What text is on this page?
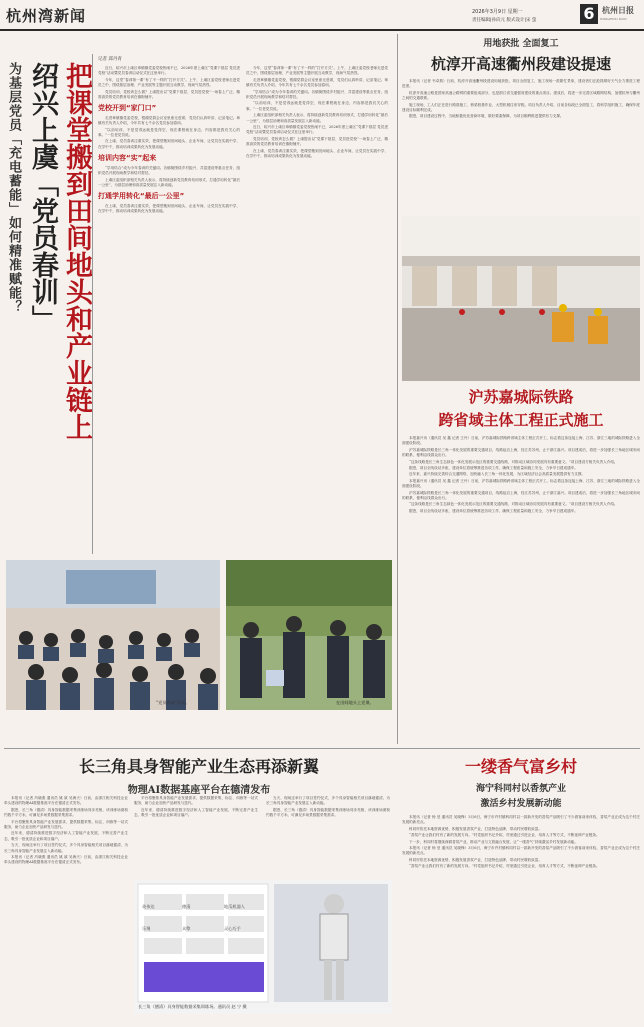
杭州湾新闻	2026年3月9日 星期一
责任编辑|孙向元 版式设计|宋 萤	6 杭州日报
HANGZHOU DAILY
为基层党员「充电蓄能」如何精准赋能？ 绍兴上虞「党员春训」 把课堂搬到田间地头和产业链上
记者 邱丹青

近日，绍兴市上虞区章镇镇党委党校热闹不已，2026年度上虞区“党课下基层 党员进党校”活动暨党员春训启动仪式在这里举行。

今年，这堂“春训第一课”有了不一样的“打开方式”。上午，上虞区委党校老师走进党员之中，围绕基层治理、产业发展等主题开展互动教学，现场气氛热烈。

党员培训，党校该怎么做？上虞提出以“党课下基层、党员进党校”一场春上广泛、精准高效的党员教育培训在镇街铺开。

党校开到“家门口”

走进章镇镇党委党校，银湖党群会议室里座无虚席，党员们认真听讲、记录笔记。章镇有关负责人介绍，今年共有七千余名党员参加春训。

“以前培训，不是觉得远就是觉得空，现在课程就在身边，内容都是我们关心的事。”一位老党员说。

在上虞，党员春训注重实效，把课堂搬到田间地头、企业车间，让党员在实践中学、在学中干，推动培训成果转化为发展动能。

培训内容“实”起来

“学用结合”成为今年春训的关键词。各镇街围绕乡村振兴、共富建设等重点任务，组织党员开展现场教学和结对帮扶。

上虞区委组织部相关负责人表示，将持续创新党员教育培训形式，打通学用转化“最后一公里”，为基层治理和高质量发展注入新动能。

打通学用转化“最后一公里”

在上虞，党员春训注重实效，把课堂搬到田间地头、企业车间，让党员在实践中学、在学中干，推动培训成果转化为发展动能。

今年，这堂“春训第一课”有了不一样的“打开方式”。上午，上虞区委党校老师走进党员之中，围绕基层治理、产业发展等主题开展互动教学，现场气氛热烈。

走进章镇镇党委党校，银湖党群会议室里座无虚席，党员们认真听讲、记录笔记。章镇有关负责人介绍，今年共有七千余名党员参加春训。

“学用结合”成为今年春训的关键词。各镇街围绕乡村振兴、共富建设等重点任务，组织党员开展现场教学和结对帮扶。

“以前培训，不是觉得远就是觉得空，现在课程就在身边，内容都是我们关心的事。”一位老党员说。

上虞区委组织部相关负责人表示，将持续创新党员教育培训形式，打通学用转化“最后一公里”，为基层治理和高质量发展注入新动能。

近日，绍兴市上虞区章镇镇党委党校热闹不已，2026年度上虞区“党课下基层 党员进党校”活动暨党员春训启动仪式在这里举行。

党员培训，党校该怎么做？上虞提出以“党课下基层、党员进党校”一场春上广泛、精准高效的党员教育培训在镇街铺开。

在上虞，党员春训注重实效，把课堂搬到田间地头、企业车间，让党员在实践中学、在学中干，推动培训成果转化为发展动能。

“党员春训”活动。	在田间地头上党课。
用地获批 全面复工
杭淳开高速衢州段建设提速

本报讯（记者 韦卓燕）日前，杭淳开高速衢州段建设用地获批，项目全面复工，施工现场一派繁忙景象，建设者们正抢抓晴好天气全力推进工程进度。

杭淳开高速公路是国家高速公路网的重要组成部分，也是浙江省交通强省建设的重点项目。建成后，将进一步完善区域路网结构，加强杭州与衢州之间的交通联系。

施工现场，工人们正在进行路基施工、桥梁桩基作业，大型机械往来穿梭。项目负责人介绍，目前各标段已全面复工，将科学组织施工，确保年度建设目标顺利完成。

据悉，项目建设过程中，当地积极优化营商环境，做好要素保障，为项目顺利推进提供有力支撑。

沪苏嘉城际铁路
跨省域主体工程正式施工

本报嘉兴讯（通讯员 吴 鑫 记者 王丹）日前，沪苏嘉城际铁路跨省域主体工程正式开工，标志着这条连接上海、江苏、浙江三地的城际铁路进入全面建设阶段。

沪苏嘉城际铁路是长三角一体化发展的重要交通项目，线路起自上海，经江苏苏州，止于浙江嘉兴。项目建成后，将进一步加强长三角地区城市间的联系，便利沿线群众出行。

“这条线路是长三角生态绿色一体化发展示范区的重要交通线路，对推动区域协同发展具有重要意义。”项目建设方相关负责人介绍。

据悉，项目全线设站多座，建设单位将统筹推进各项工作，确保工程质量和施工安全，力争早日建成通车。

近年来，嘉兴持续完善综合交通网络，加快融入长三角一体化发展，为区域经济社会高质量发展提供有力支撑。

本报嘉兴讯（通讯员 吴 鑫 记者 王丹）日前，沪苏嘉城际铁路跨省域主体工程正式开工，标志着这条连接上海、江苏、浙江三地的城际铁路进入全面建设阶段。

沪苏嘉城际铁路是长三角一体化发展的重要交通项目，线路起自上海，经江苏苏州，止于浙江嘉兴。项目建成后，将进一步加强长三角地区城市间的联系，便利沿线群众出行。

“这条线路是长三角生态绿色一体化发展示范区的重要交通线路，对推动区域协同发展具有重要意义。”项目建设方相关负责人介绍。

据悉，项目全线设站多座，建设单位将统筹推进各项工作，确保工程质量和施工安全，力争早日建成通车。

长三角具身智能产业生态再添新翼
物理AI数据基座平台在德清发布

本报讯（记者 冯晓燕 通讯员 姚 斌 吴海天）日前，由浙江相关科技企业牵头建设的物理AI数据基座平台在德清正式发布。

据悉，长三角（德清）具身智能数据采集训练场同步亮相，该训练场面积约数千平方米，可满足多场景数据采集需求。

平台将聚焦具身智能产业发展需求，提供数据采集、标注、训练等一站式服务，助力企业加快产品研发与迭代。

近年来，德清持续推进数字经济和人工智能产业发展，不断完善产业生态，吸引一批优质企业和项目落户。

当天，现场还举行了项目签约仪式，多个具身智能相关项目落地德清，为长三角具身智能产业发展注入新动能。

本报讯（记者 冯晓燕 通讯员 姚 斌 吴海天）日前，由浙江相关科技企业牵头建设的物理AI数据基座平台在德清正式发布。

平台将聚焦具身智能产业发展需求，提供数据采集、标注、训练等一站式服务，助力企业加快产品研发与迭代。

近年来，德清持续推进数字经济和人工智能产业发展，不断完善产业生态，吸引一批优质企业和项目落户。

当天，现场还举行了项目签约仪式，多个具身智能相关项目落地德清，为长三角具身智能产业发展注入新动能。

据悉，长三角（德清）具身智能数据采集训练场同步亮相，该训练场面积约数千平方米，可满足多场景数据采集需求。

英伟达	德清	地瓜机器人乐聚	众擎	灵心巧手
长三角（德清）具身智能数据采集训练场。通讯员 赵 宁 摄
一缕香气富乡村
海宁科同村以香氛产业
激活乡村发展新动能

本报讯（记者 杨 莹 通讯员 吴晓锋）3月6日，海宁市许村镇科同村以一款新开发的香氛产品吸引了不少游客前来体验，香氛产业正成为这个村庄发展的新亮点。

科同村依托本地资源优势，积极发展香氛产业，打造特色品牌，带动村民增收致富。

“香氛产业让我们村有了新的发展方向。”村党组织书记介绍，村里通过引进企业、培育人才等方式，不断延伸产业链条。

下一步，科同村将继续深耕香氛产业，推动产业与文旅融合发展，让“一缕香气”持续激活乡村发展新动能。

本报讯（记者 杨 莹 通讯员 吴晓锋）3月6日，海宁市许村镇科同村以一款新开发的香氛产品吸引了不少游客前来体验，香氛产业正成为这个村庄发展的新亮点。

科同村依托本地资源优势，积极发展香氛产业，打造特色品牌，带动村民增收致富。

“香氛产业让我们村有了新的发展方向。”村党组织书记介绍，村里通过引进企业、培育人才等方式，不断延伸产业链条。
